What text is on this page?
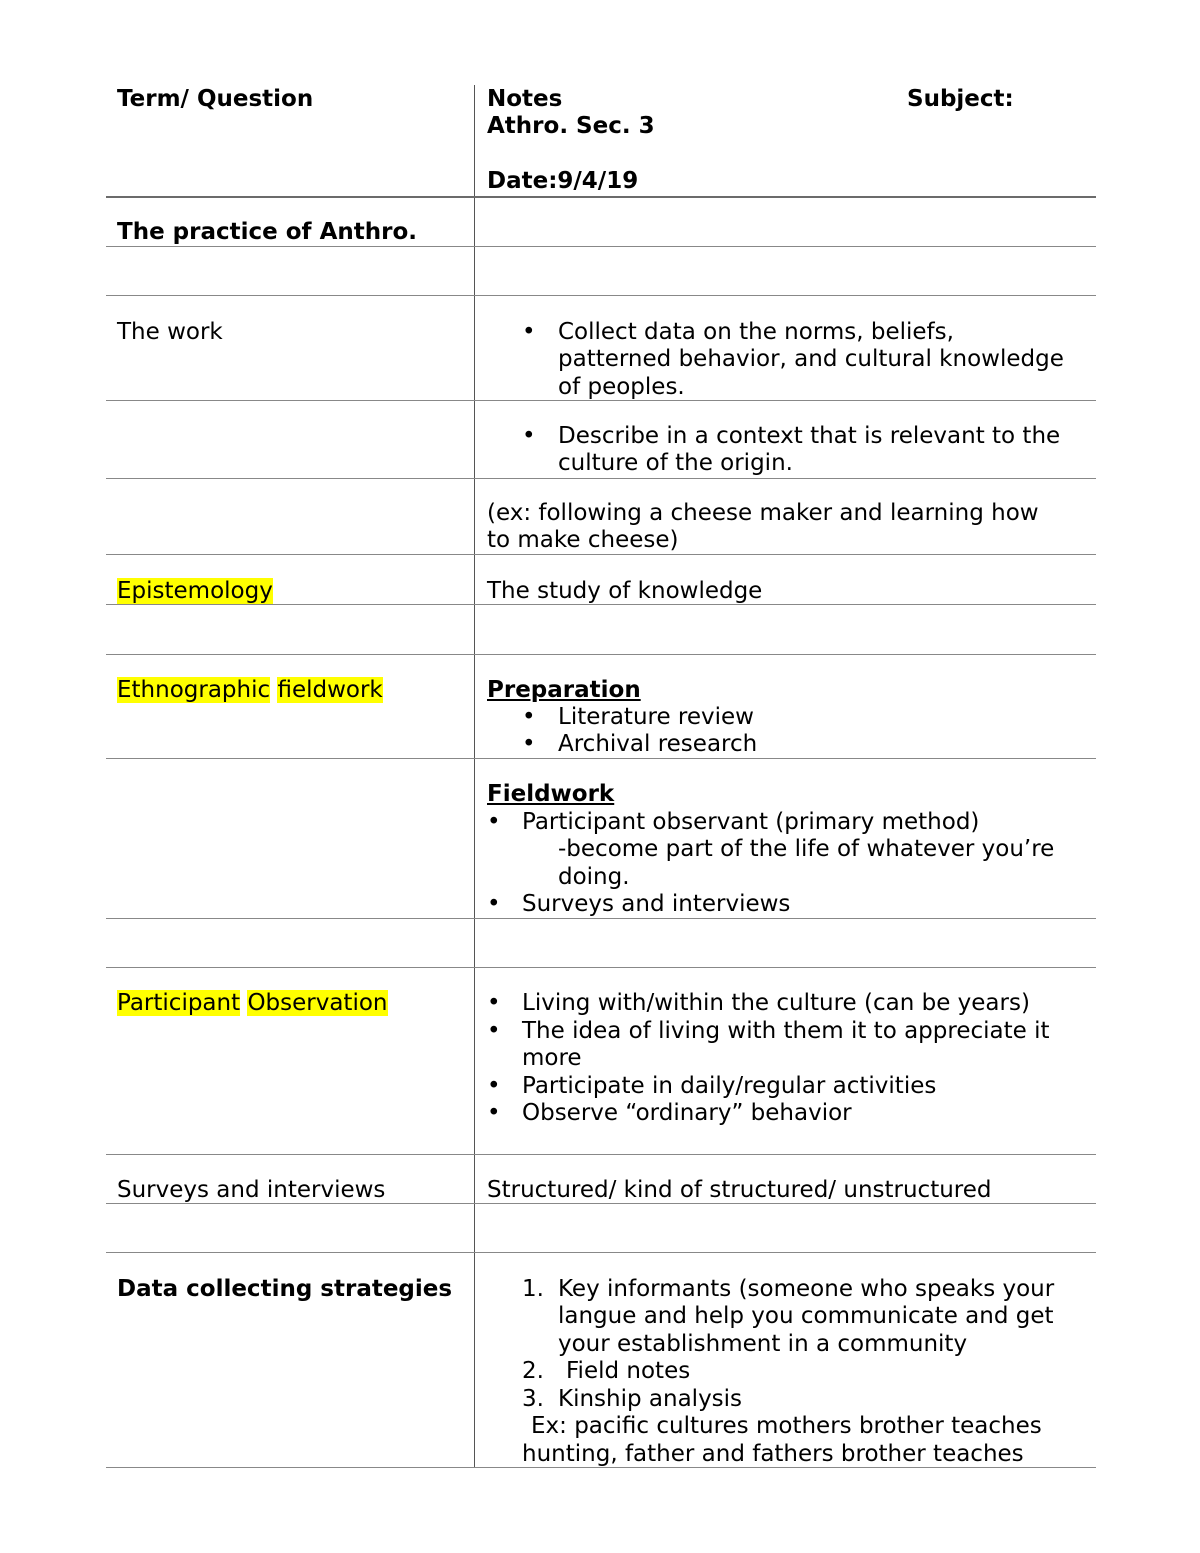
Term/ Question	Notes	Subject:
Athro. Sec. 3
Date:9/4/19
The practice of Anthro.
The work	• Collect data on the norms, beliefs,
patterned behavior, and cultural knowledge
of peoples.
• Describe in a context that is relevant to the
culture of the origin.
(ex: following a cheese maker and learning how
to make cheese)
Epistemology	The study of knowledge
Ethnographic fieldwork	Preparation
• Literature review
• Archival research
Fieldwork
• Participant observant (primary method)
-become part of the life of whatever you’re
doing.
• Surveys and interviews
Participant Observation	• Living with/within the culture (can be years)
• The idea of living with them it to appreciate it
more
• Participate in daily/regular activities
• Observe “ordinary” behavior
Surveys and interviews	Structured/ kind of structured/ unstructured
Data collecting strategies	1. Key informants (someone who speaks your
langue and help you communicate and get
your establishment in a community
2. Field notes
3. Kinship analysis
Ex: pacific cultures mothers brother teaches
hunting, father and fathers brother teaches
